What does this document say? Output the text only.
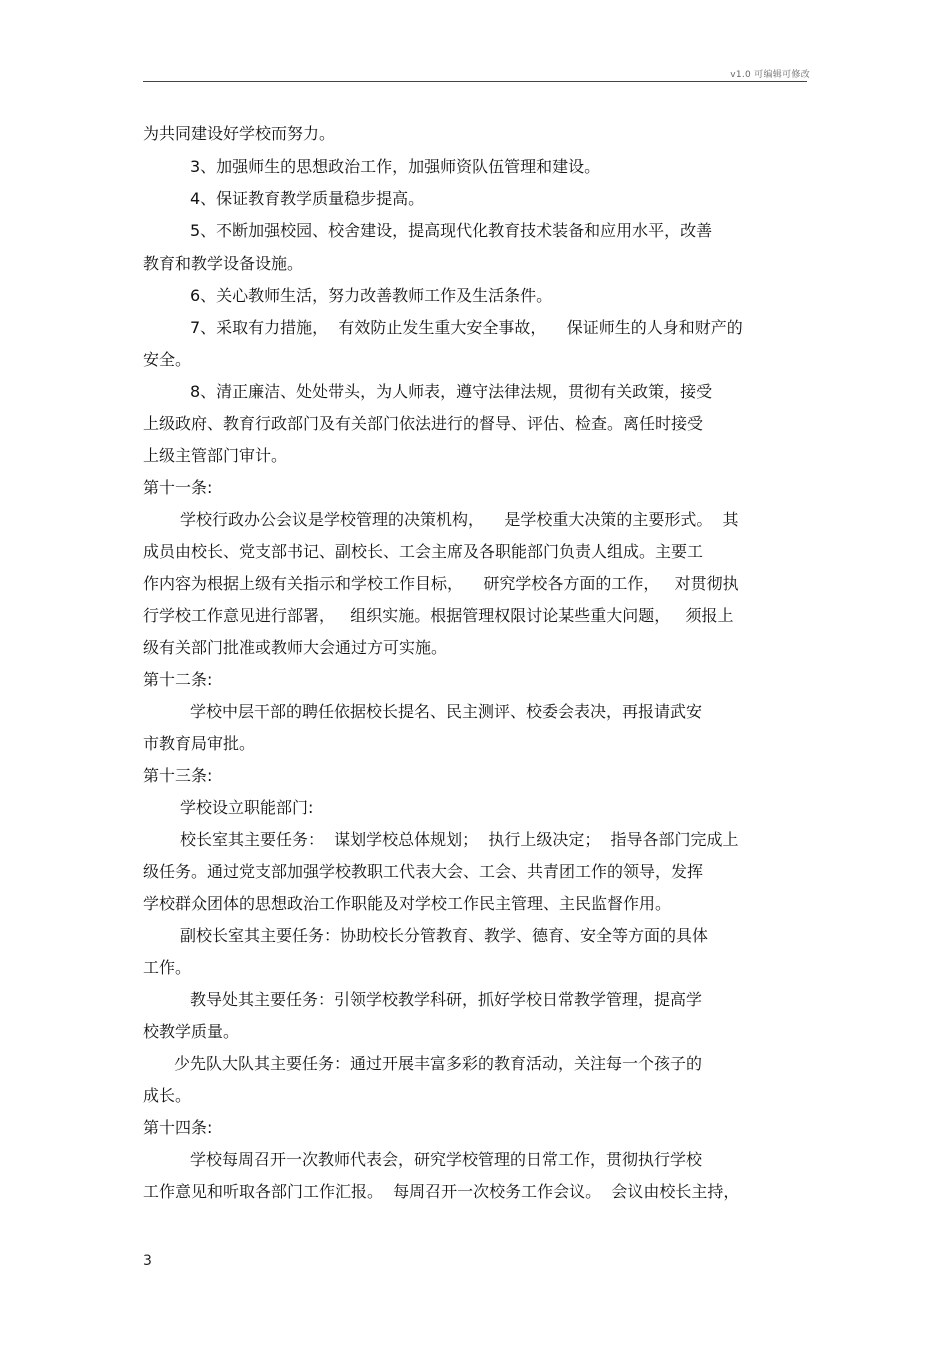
v1.0 可编辑可修改
为共同建设好学校而努力。
3、加强师生的思想政治工作，加强师资队伍管理和建设。
4、保证教育教学质量稳步提高。
5、不断加强校园、校舍建设，提高现代化教育技术装备和应用水平，改善
教育和教学设备设施。
6、关心教师生活，努力改善教师工作及生活条件。
7、采取有力措施，  有效防止发生重大安全事故，    保证师生的人身和财产的
安全。
8、清正廉洁、处处带头，为人师表，遵守法律法规，贯彻有关政策，接受
上级政府、教育行政部门及有关部门依法进行的督导、评估、检查。离任时接受
上级主管部门审计。
第十一条:
学校行政办公会议是学校管理的决策机构，    是学校重大决策的主要形式。  其
成员由校长、党支部书记、副校长、工会主席及各职能部门负责人组成。主要工
作内容为根据上级有关指示和学校工作目标，    研究学校各方面的工作，   对贯彻执
行学校工作意见进行部署，   组织实施。根据管理权限讨论某些重大问题，   须报上
级有关部门批准或教师大会通过方可实施。
第十二条:
学校中层干部的聘任依据校长提名、民主测评、校委会表决，再报请武安
市教育局审批。
第十三条:
学校设立职能部门:
校长室其主要任务：  谋划学校总体规划；  执行上级决定；  指导各部门完成上
级任务。通过党支部加强学校教职工代表大会、工会、共青团工作的领导，发挥
学校群众团体的思想政治工作职能及对学校工作民主管理、主民监督作用。
副校长室其主要任务：协助校长分管教育、教学、德育、安全等方面的具体
工作。
教导处其主要任务：引领学校教学科研，抓好学校日常教学管理，提高学
校教学质量。
少先队大队其主要任务：通过开展丰富多彩的教育活动，关注每一个孩子的
成长。
第十四条:
学校每周召开一次教师代表会，研究学校管理的日常工作，贯彻执行学校
工作意见和听取各部门工作汇报。  每周召开一次校务工作会议。  会议由校长主持，
3
